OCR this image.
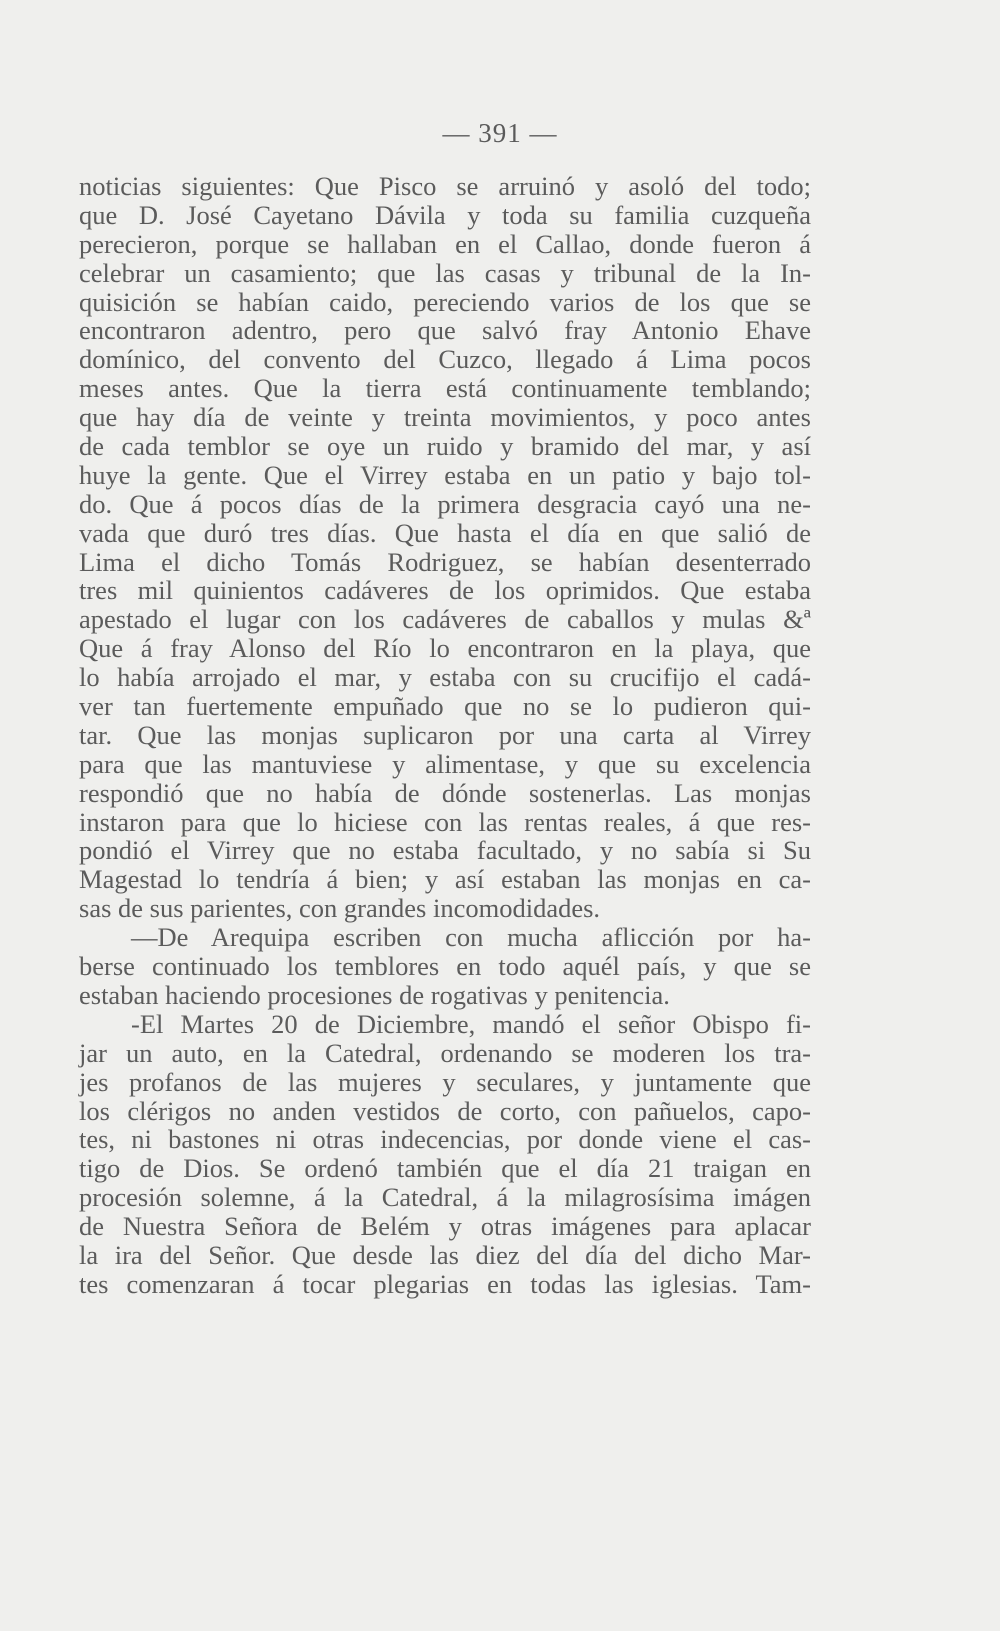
— 391 —
noticias siguientes: Que Pisco se arruinó y asoló del todo;
que D. José Cayetano Dávila y toda su familia cuzqueña
perecieron, porque se hallaban en el Callao, donde fueron á
celebrar un casamiento; que las casas y tribunal de la In-
quisición se habían caido, pereciendo varios de los que se
encontraron adentro, pero que salvó fray Antonio Ehave
domínico, del convento del Cuzco, llegado á Lima pocos
meses antes. Que la tierra está continuamente temblando;
que hay día de veinte y treinta movimientos, y poco antes
de cada temblor se oye un ruido y bramido del mar, y así
huye la gente. Que el Virrey estaba en un patio y bajo tol-
do. Que á pocos días de la primera desgracia cayó una ne-
vada que duró tres días. Que hasta el día en que salió de
Lima el dicho Tomás Rodriguez, se habían desenterrado
tres mil quinientos cadáveres de los oprimidos. Que estaba
apestado el lugar con los cadáveres de caballos y mulas &ª
Que á fray Alonso del Río lo encontraron en la playa, que
lo había arrojado el mar, y estaba con su crucifijo el cadá-
ver tan fuertemente empuñado que no se lo pudieron qui-
tar. Que las monjas suplicaron por una carta al Virrey
para que las mantuviese y alimentase, y que su excelencia
respondió que no había de dónde sostenerlas. Las monjas
instaron para que lo hiciese con las rentas reales, á que res-
pondió el Virrey que no estaba facultado, y no sabía si Su
Magestad lo tendría á bien; y así estaban las monjas en ca-
sas de sus parientes, con grandes incomodidades.
—De Arequipa escriben con mucha aflicción por ha-
berse continuado los temblores en todo aquél país, y que se
estaban haciendo procesiones de rogativas y penitencia.
-El Martes 20 de Diciembre, mandó el señor Obispo fi-
jar un auto, en la Catedral, ordenando se moderen los tra-
jes profanos de las mujeres y seculares, y juntamente que
los clérigos no anden vestidos de corto, con pañuelos, capo-
tes, ni bastones ni otras indecencias, por donde viene el cas-
tigo de Dios. Se ordenó también que el día 21 traigan en
procesión solemne, á la Catedral, á la milagrosísima imágen
de Nuestra Señora de Belém y otras imágenes para aplacar
la ira del Señor. Que desde las diez del día del dicho Mar-
tes comenzaran á tocar plegarias en todas las iglesias. Tam-
